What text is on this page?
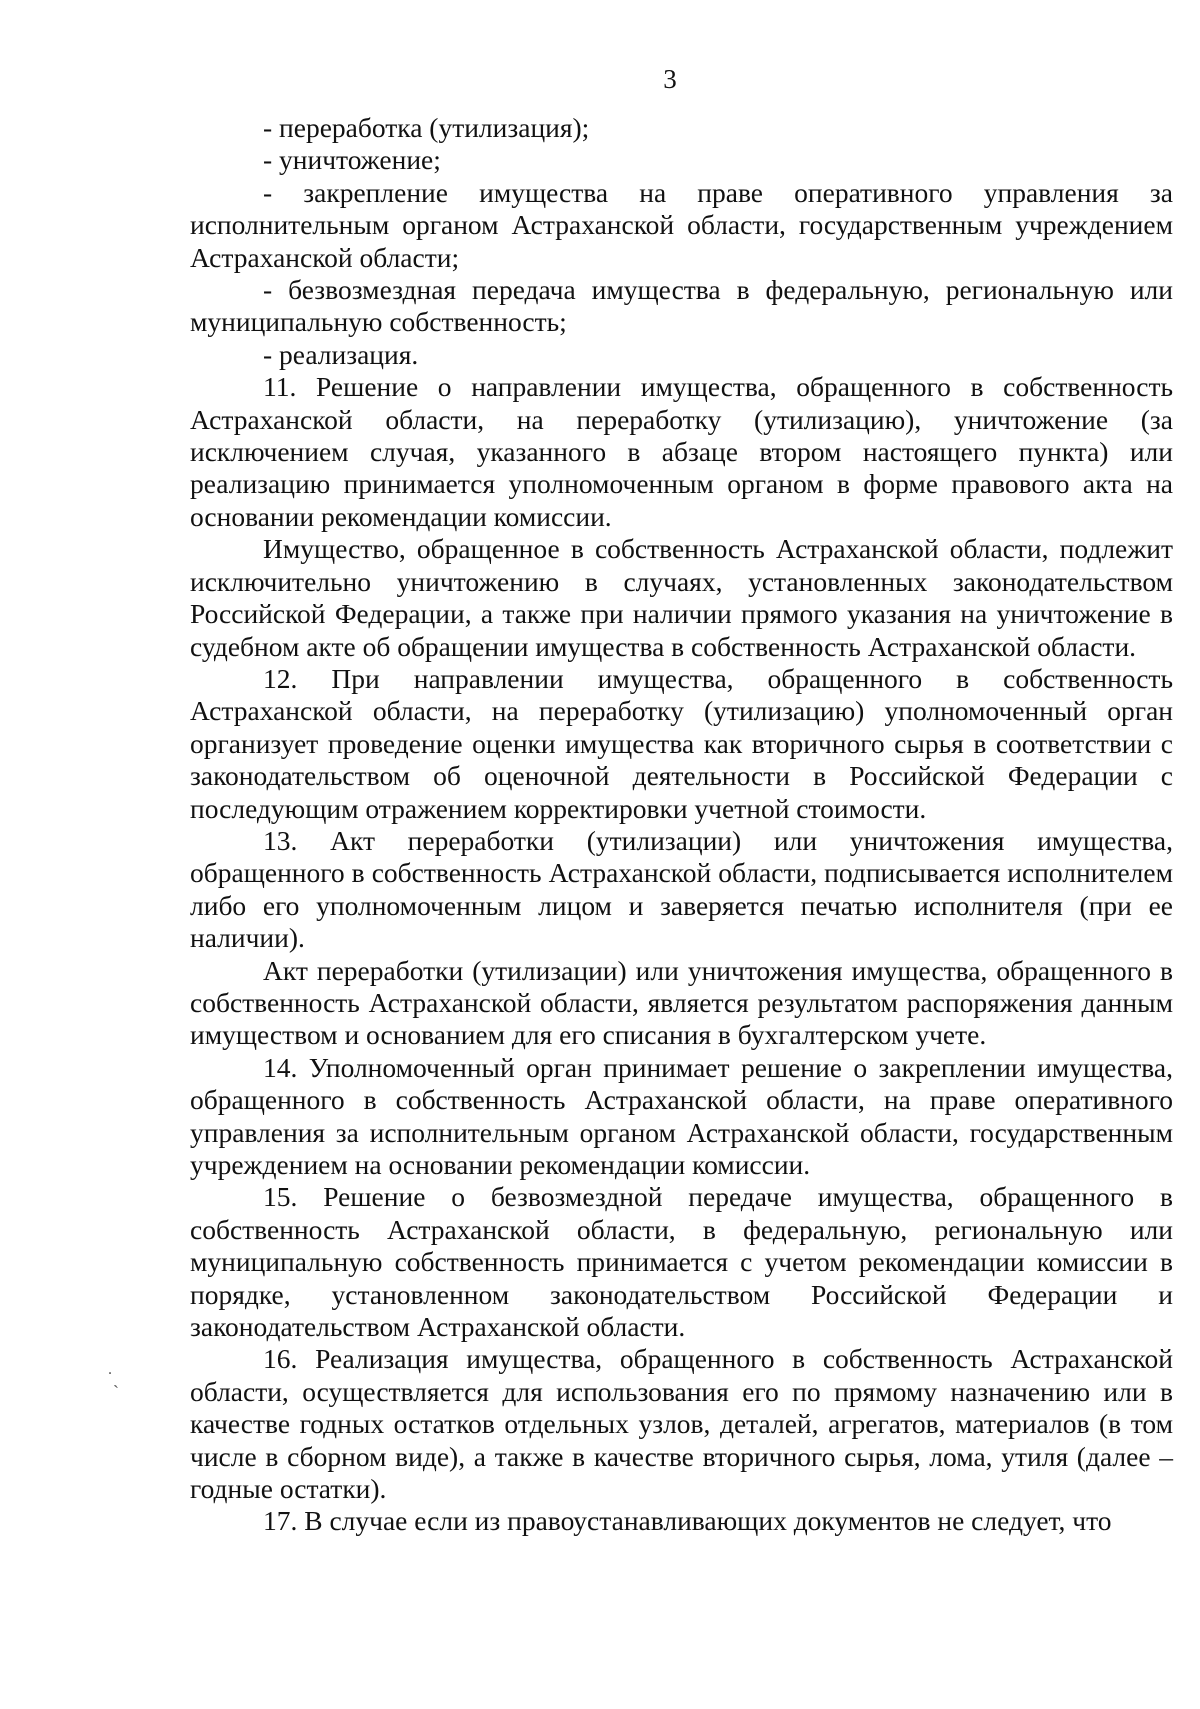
3

- переработка (утилизация);

- уничтожение;

- закрепление имущества на праве оперативного управления за исполнительным органом Астраханской области, государственным учреждением Астраханской области;

- безвозмездная передача имущества в федеральную, региональную или муниципальную собственность;

- реализация.

11. Решение о направлении имущества, обращенного в собственность Астраханской области, на переработку (утилизацию), уничтожение (за исключением случая, указанного в абзаце втором настоящего пункта) или реализацию принимается уполномоченным органом в форме правового акта на основании рекомендации комиссии.

Имущество, обращенное в собственность Астраханской области, подлежит исключительно уничтожению в случаях, установленных законодательством Российской Федерации, а также при наличии прямого указания на уничтожение в судебном акте об обращении имущества в собственность Астраханской области.

12. При направлении имущества, обращенного в собственность Астраханской области, на переработку (утилизацию) уполномоченный орган организует проведение оценки имущества как вторичного сырья в соответствии с законодательством об оценочной деятельности в Российской Федерации с последующим отражением корректировки учетной стоимости.

13. Акт переработки (утилизации) или уничтожения имущества, обращенного в собственность Астраханской области, подписывается исполнителем либо его уполномоченным лицом и заверяется печатью исполнителя (при ее наличии).

Акт переработки (утилизации) или уничтожения имущества, обращенного в собственность Астраханской области, является результатом распоряжения данным имуществом и основанием для его списания в бухгалтерском учете.

14. Уполномоченный орган принимает решение о закреплении имущества, обращенного в собственность Астраханской области, на праве оперативного управления за исполнительным органом Астраханской области, государственным учреждением на основании рекомендации комиссии.

15. Решение о безвозмездной передаче имущества, обращенного в собственность Астраханской области, в федеральную, региональную или муниципальную собственность принимается с учетом рекомендации комиссии в порядке, установленном законодательством Российской Федерации и законодательством Астраханской области.

16. Реализация имущества, обращенного в собственность Астраханской области, осуществляется для использования его по прямому назначению или в качестве годных остатков отдельных узлов, деталей, агрегатов, материалов (в том числе в сборном виде), а также в качестве вторичного сырья, лома, утиля (далее – годные остатки).

17. В случае если из правоустанавливающих документов не следует, что

˙ˏ
